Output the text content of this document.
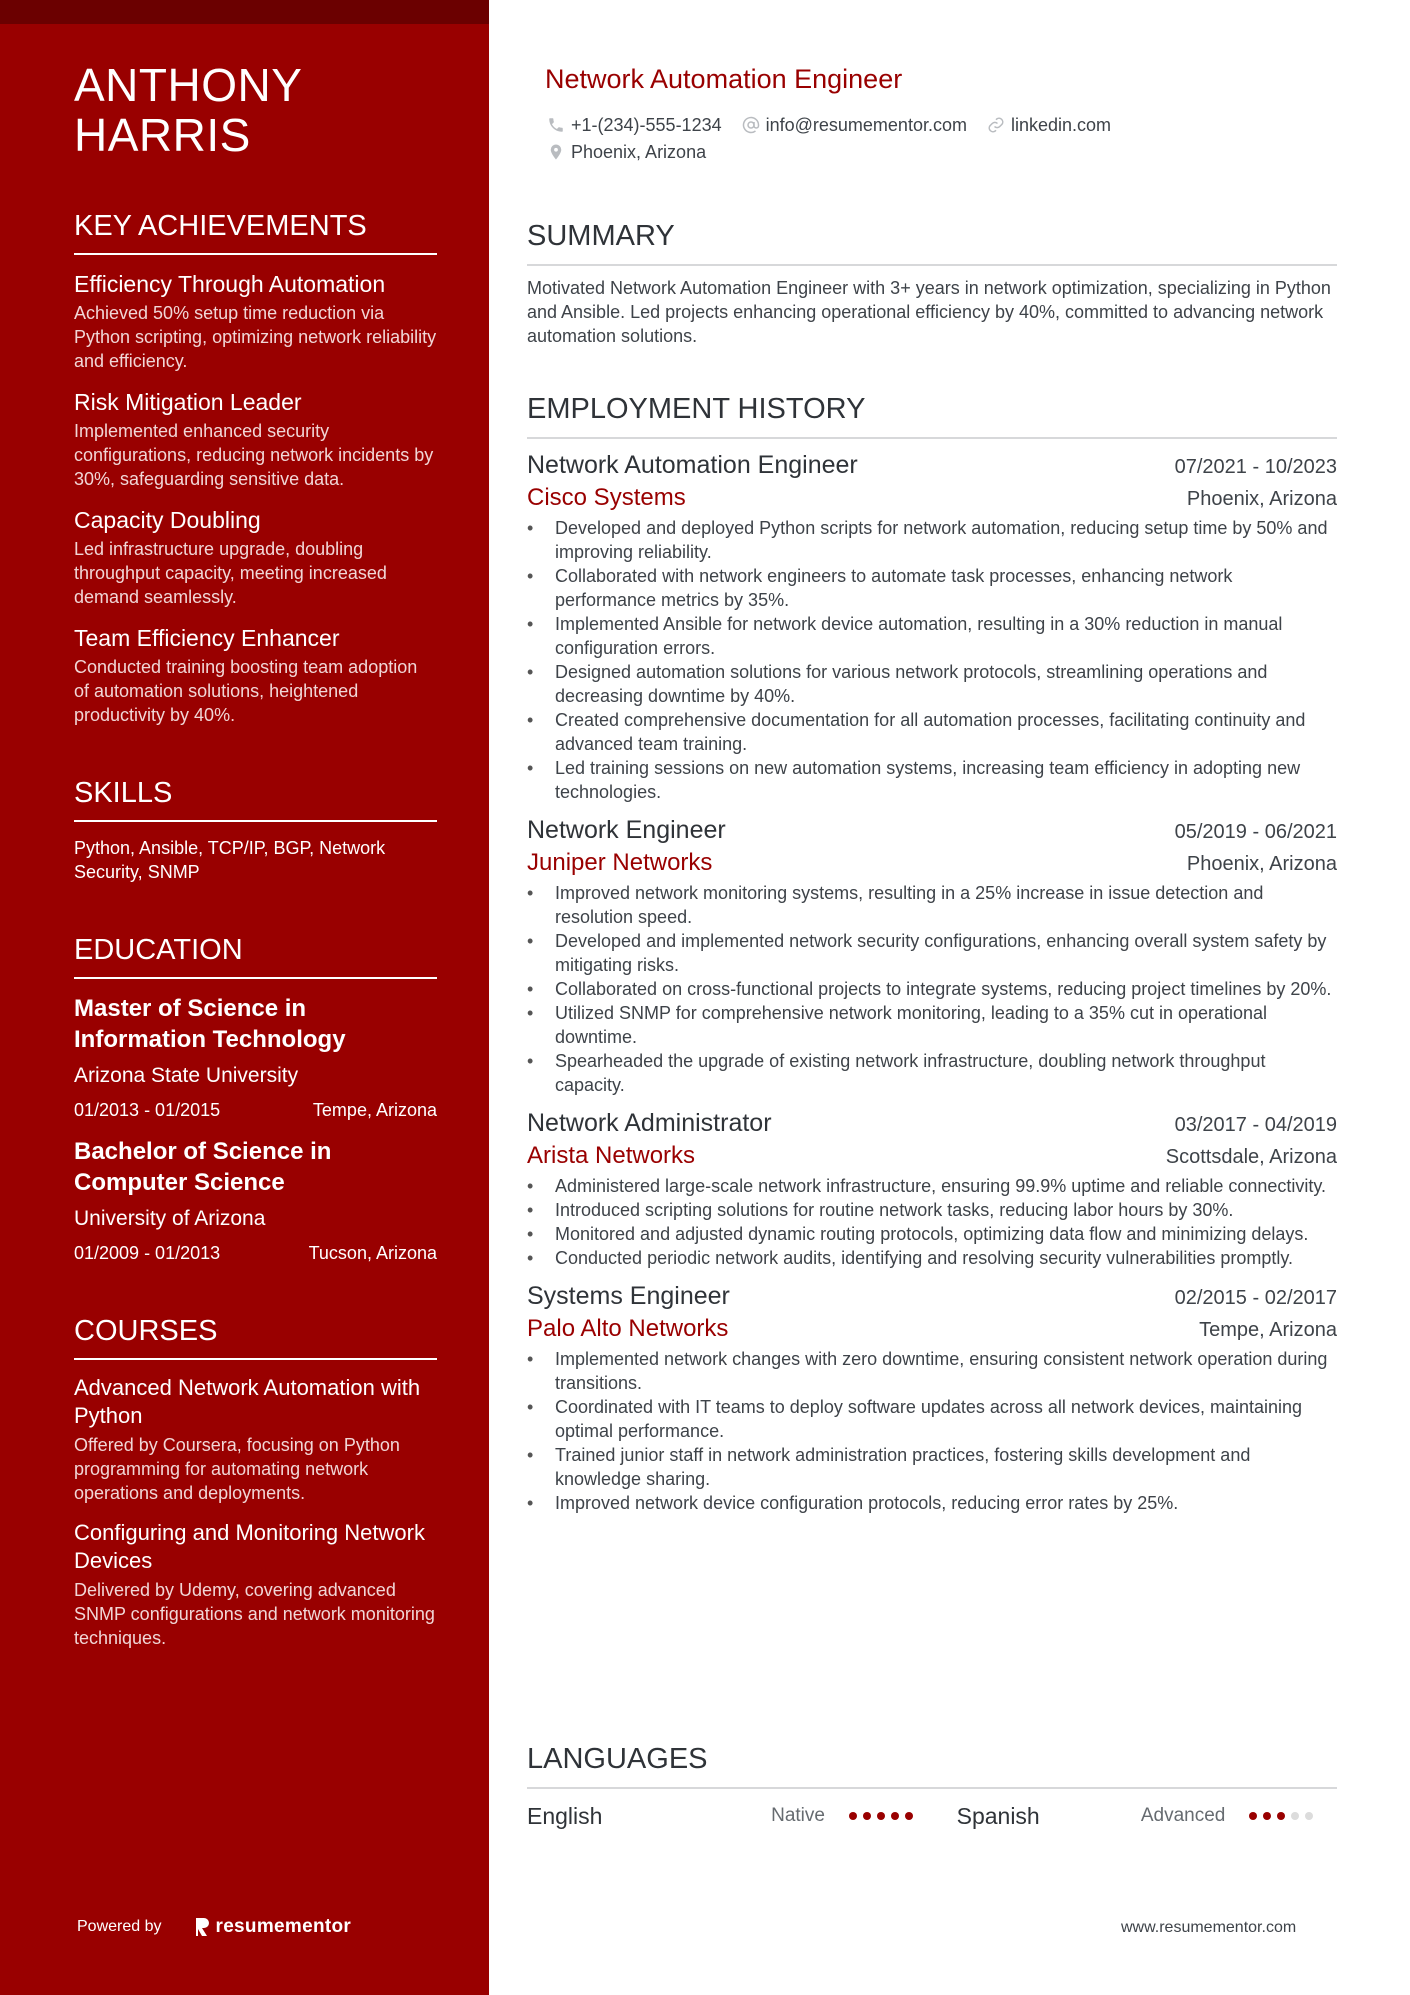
ANTHONY HARRIS
KEY ACHIEVEMENTS
Efficiency Through Automation
Achieved 50% setup time reduction via Python scripting, optimizing network reliability and efficiency.
Risk Mitigation Leader
Implemented enhanced security configurations, reducing network incidents by 30%, safeguarding sensitive data.
Capacity Doubling
Led infrastructure upgrade, doubling throughput capacity, meeting increased demand seamlessly.
Team Efficiency Enhancer
Conducted training boosting team adoption of automation solutions, heightened productivity by 40%.
SKILLS
Python, Ansible, TCP/IP, BGP, Network Security, SNMP
EDUCATION
Master of Science in Information Technology
Arizona State University
01/2013 - 01/2015	Tempe, Arizona
Bachelor of Science in Computer Science
University of Arizona
01/2009 - 01/2013	Tucson, Arizona
COURSES
Advanced Network Automation with Python
Offered by Coursera, focusing on Python programming for automating network operations and deployments.
Configuring and Monitoring Network Devices
Delivered by Udemy, covering advanced SNMP configurations and network monitoring techniques.
Powered by	resumementor
Network Automation Engineer
+1-(234)-555-1234 info@resumementor.com linkedin.com
Phoenix, Arizona
SUMMARY
Motivated Network Automation Engineer with 3+ years in network optimization, specializing in Python and Ansible. Led projects enhancing operational efficiency by 40%, committed to advancing network automation solutions.
EMPLOYMENT HISTORY
Network Automation Engineer	07/2021 - 10/2023
Cisco Systems	Phoenix, Arizona
• Developed and deployed Python scripts for network automation, reducing setup time by 50% and improving reliability.
• Collaborated with network engineers to automate task processes, enhancing network performance metrics by 35%.
• Implemented Ansible for network device automation, resulting in a 30% reduction in manual configuration errors.
• Designed automation solutions for various network protocols, streamlining operations and decreasing downtime by 40%.
• Created comprehensive documentation for all automation processes, facilitating continuity and advanced team training.
• Led training sessions on new automation systems, increasing team efficiency in adopting new technologies.
Network Engineer	05/2019 - 06/2021
Juniper Networks	Phoenix, Arizona
• Improved network monitoring systems, resulting in a 25% increase in issue detection and resolution speed.
• Developed and implemented network security configurations, enhancing overall system safety by mitigating risks.
• Collaborated on cross-functional projects to integrate systems, reducing project timelines by 20%.
• Utilized SNMP for comprehensive network monitoring, leading to a 35% cut in operational downtime.
• Spearheaded the upgrade of existing network infrastructure, doubling network throughput capacity.
Network Administrator	03/2017 - 04/2019
Arista Networks	Scottsdale, Arizona
• Administered large-scale network infrastructure, ensuring 99.9% uptime and reliable connectivity.
• Introduced scripting solutions for routine network tasks, reducing labor hours by 30%.
• Monitored and adjusted dynamic routing protocols, optimizing data flow and minimizing delays.
• Conducted periodic network audits, identifying and resolving security vulnerabilities promptly.
Systems Engineer	02/2015 - 02/2017
Palo Alto Networks	Tempe, Arizona
• Implemented network changes with zero downtime, ensuring consistent network operation during transitions.
• Coordinated with IT teams to deploy software updates across all network devices, maintaining optimal performance.
• Trained junior staff in network administration practices, fostering skills development and knowledge sharing.
• Improved network device configuration protocols, reducing error rates by 25%.
LANGUAGES
English	Native	Spanish	Advanced
www.resumementor.com
